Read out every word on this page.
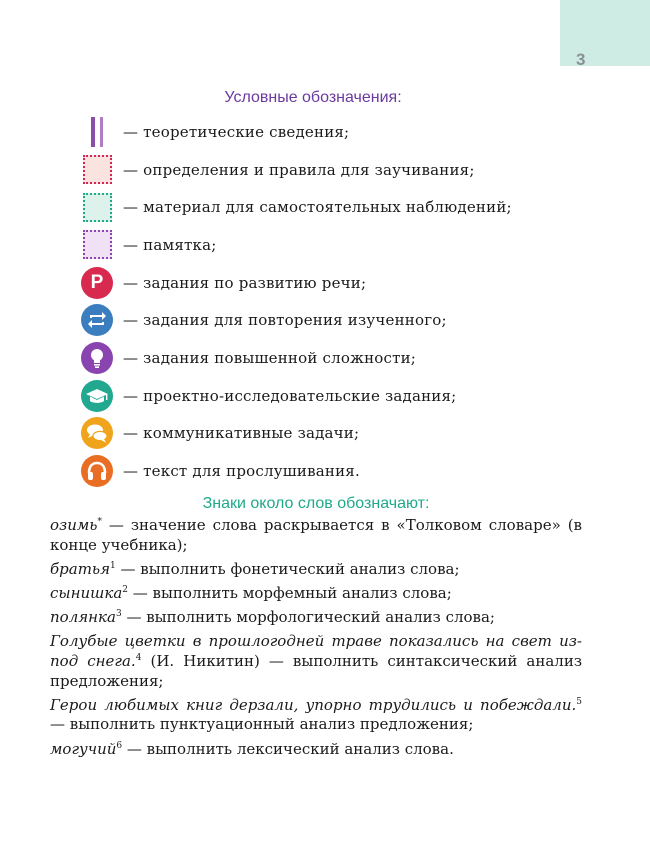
3
Условные обозначения:
— теоретические сведения;
— определения и правила для заучивания;
— материал для самостоятельных наблюдений;
— памятка;
Р — задания по развитию речи;
— задания для повторения изученного;
— задания повышенной сложности;
— проектно-исследовательские задания;
— коммуникативные задачи;
— текст для прослушивания.
Знаки около слов обозначают:
озимь* — значение слова раскрывается в «Толковом словаре» (в конце учебника);
братья$^1$ — выполнить фонетический анализ слова;
сынишка$^2$ — выполнить морфемный анализ слова;
полянка$^3$ — выполнить морфологический анализ слова;
Голубые цветки в прошлогодней траве показались на свет из-под снега.$^4$ (И. Никитин) — выполнить синтаксический анализ предложения;
Герои любимых книг дерзали, упорно трудились и побеждали.$^5$ — выполнить пунктуационный анализ предложения;
могучий$^6$ — выполнить лексический анализ слова.
